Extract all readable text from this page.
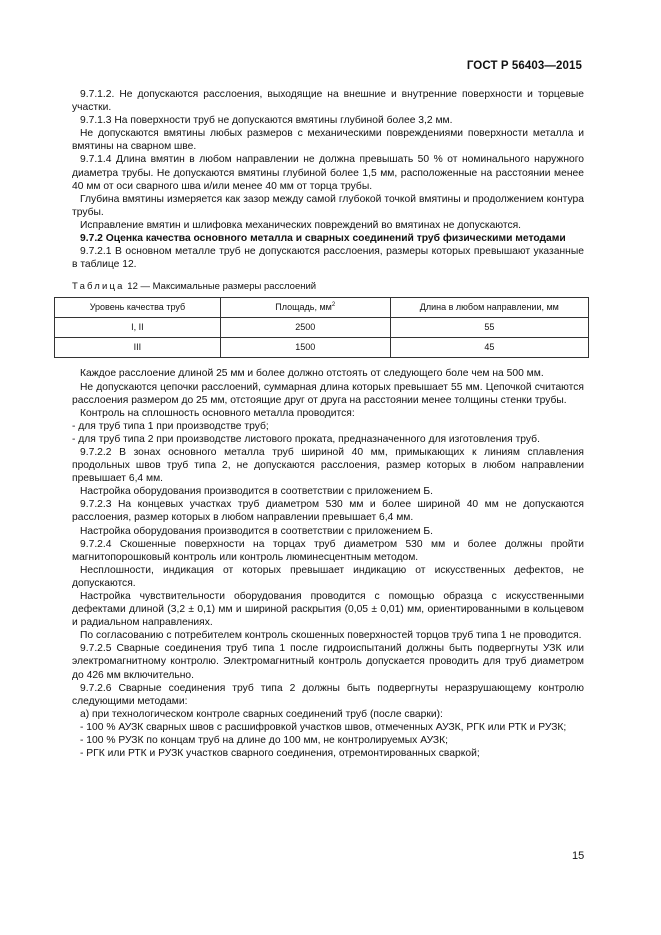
ГОСТ Р 56403—2015

9.7.1.2. Не допускаются расслоения, выходящие на внешние и внутренние поверхности и торцевые участки.

9.7.1.3 На поверхности труб не допускаются вмятины глубиной более 3,2 мм.

Не допускаются вмятины любых размеров с механическими повреждениями поверхности металла и вмятины на сварном шве.

9.7.1.4 Длина вмятин в любом направлении не должна превышать 50 % от номинального наружного диаметра трубы. Не допускаются вмятины глубиной более 1,5 мм, расположенные на расстоянии менее 40 мм от оси сварного шва и/или менее 40 мм от торца трубы.

Глубина вмятины измеряется как зазор между самой глубокой точкой вмятины и продолжением контура трубы.

Исправление вмятин и шлифовка механических повреждений во вмятинах не допускаются.

9.7.2 Оценка качества основного металла и сварных соединений труб физическими методами

9.7.2.1 В основном металле труб не допускаются расслоения, размеры которых превышают указанные в таблице 12.

Таблица 12 — Максимальные размеры расслоений

Уровень качества труб	Площадь, $мм^2$	Длина в любом направлении, мм
I, II	2500	55
III	1500	45

Каждое расслоение длиной 25 мм и более должно отстоять от следующего боле чем на 500 мм.

Не допускаются цепочки расслоений, суммарная длина которых превышает 55 мм. Цепочкой считаются расслоения размером до 25 мм, отстоящие друг от друга на расстоянии менее толщины стенки трубы.

Контроль на сплошность основного металла проводится:

- для труб типа 1 при производстве труб;

- для труб типа 2 при производстве листового проката, предназначенного для изготовления труб.

9.7.2.2 В зонах основного металла труб шириной 40 мм, примыкающих к линиям сплавления продольных швов труб типа 2, не допускаются расслоения, размер которых в любом направлении превышает 6,4 мм.

Настройка оборудования производится в соответствии с приложением Б.

9.7.2.3 На концевых участках труб диаметром 530 мм и более шириной 40 мм не допускаются расслоения, размер которых в любом направлении превышает 6,4 мм.

Настройка оборудования производится в соответствии с приложением Б.

9.7.2.4 Скошенные поверхности на торцах труб диаметром 530 мм и более должны пройти магнитопорошковый контроль или контроль люминесцентным методом.

Несплошности, индикация от которых превышает индикацию от искусственных дефектов, не допускаются.

Настройка чувствительности оборудования проводится с помощью образца с искусственными дефектами длиной (3,2 ± 0,1) мм и шириной раскрытия (0,05 ± 0,01) мм, ориентированными в кольцевом и радиальном направлениях.

По согласованию с потребителем контроль скошенных поверхностей торцов труб типа 1 не проводится.

9.7.2.5 Сварные соединения труб типа 1 после гидроиспытаний должны быть подвергнуты УЗК или электромагнитному контролю. Электромагнитный контроль допускается проводить для труб диаметром до 426 мм включительно.

9.7.2.6 Сварные соединения труб типа 2 должны быть подвергнуты неразрушающему контролю следующими методами:

а) при технологическом контроле сварных соединений труб (после сварки):

- 100 % АУЗК сварных швов с расшифровкой участков швов, отмеченных АУЗК, РГК или РТК и РУЗК;

- 100 % РУЗК по концам труб на длине до 100 мм, не контролируемых АУЗК;

- РГК или РТК и РУЗК участков сварного соединения, отремонтированных сваркой;

15
